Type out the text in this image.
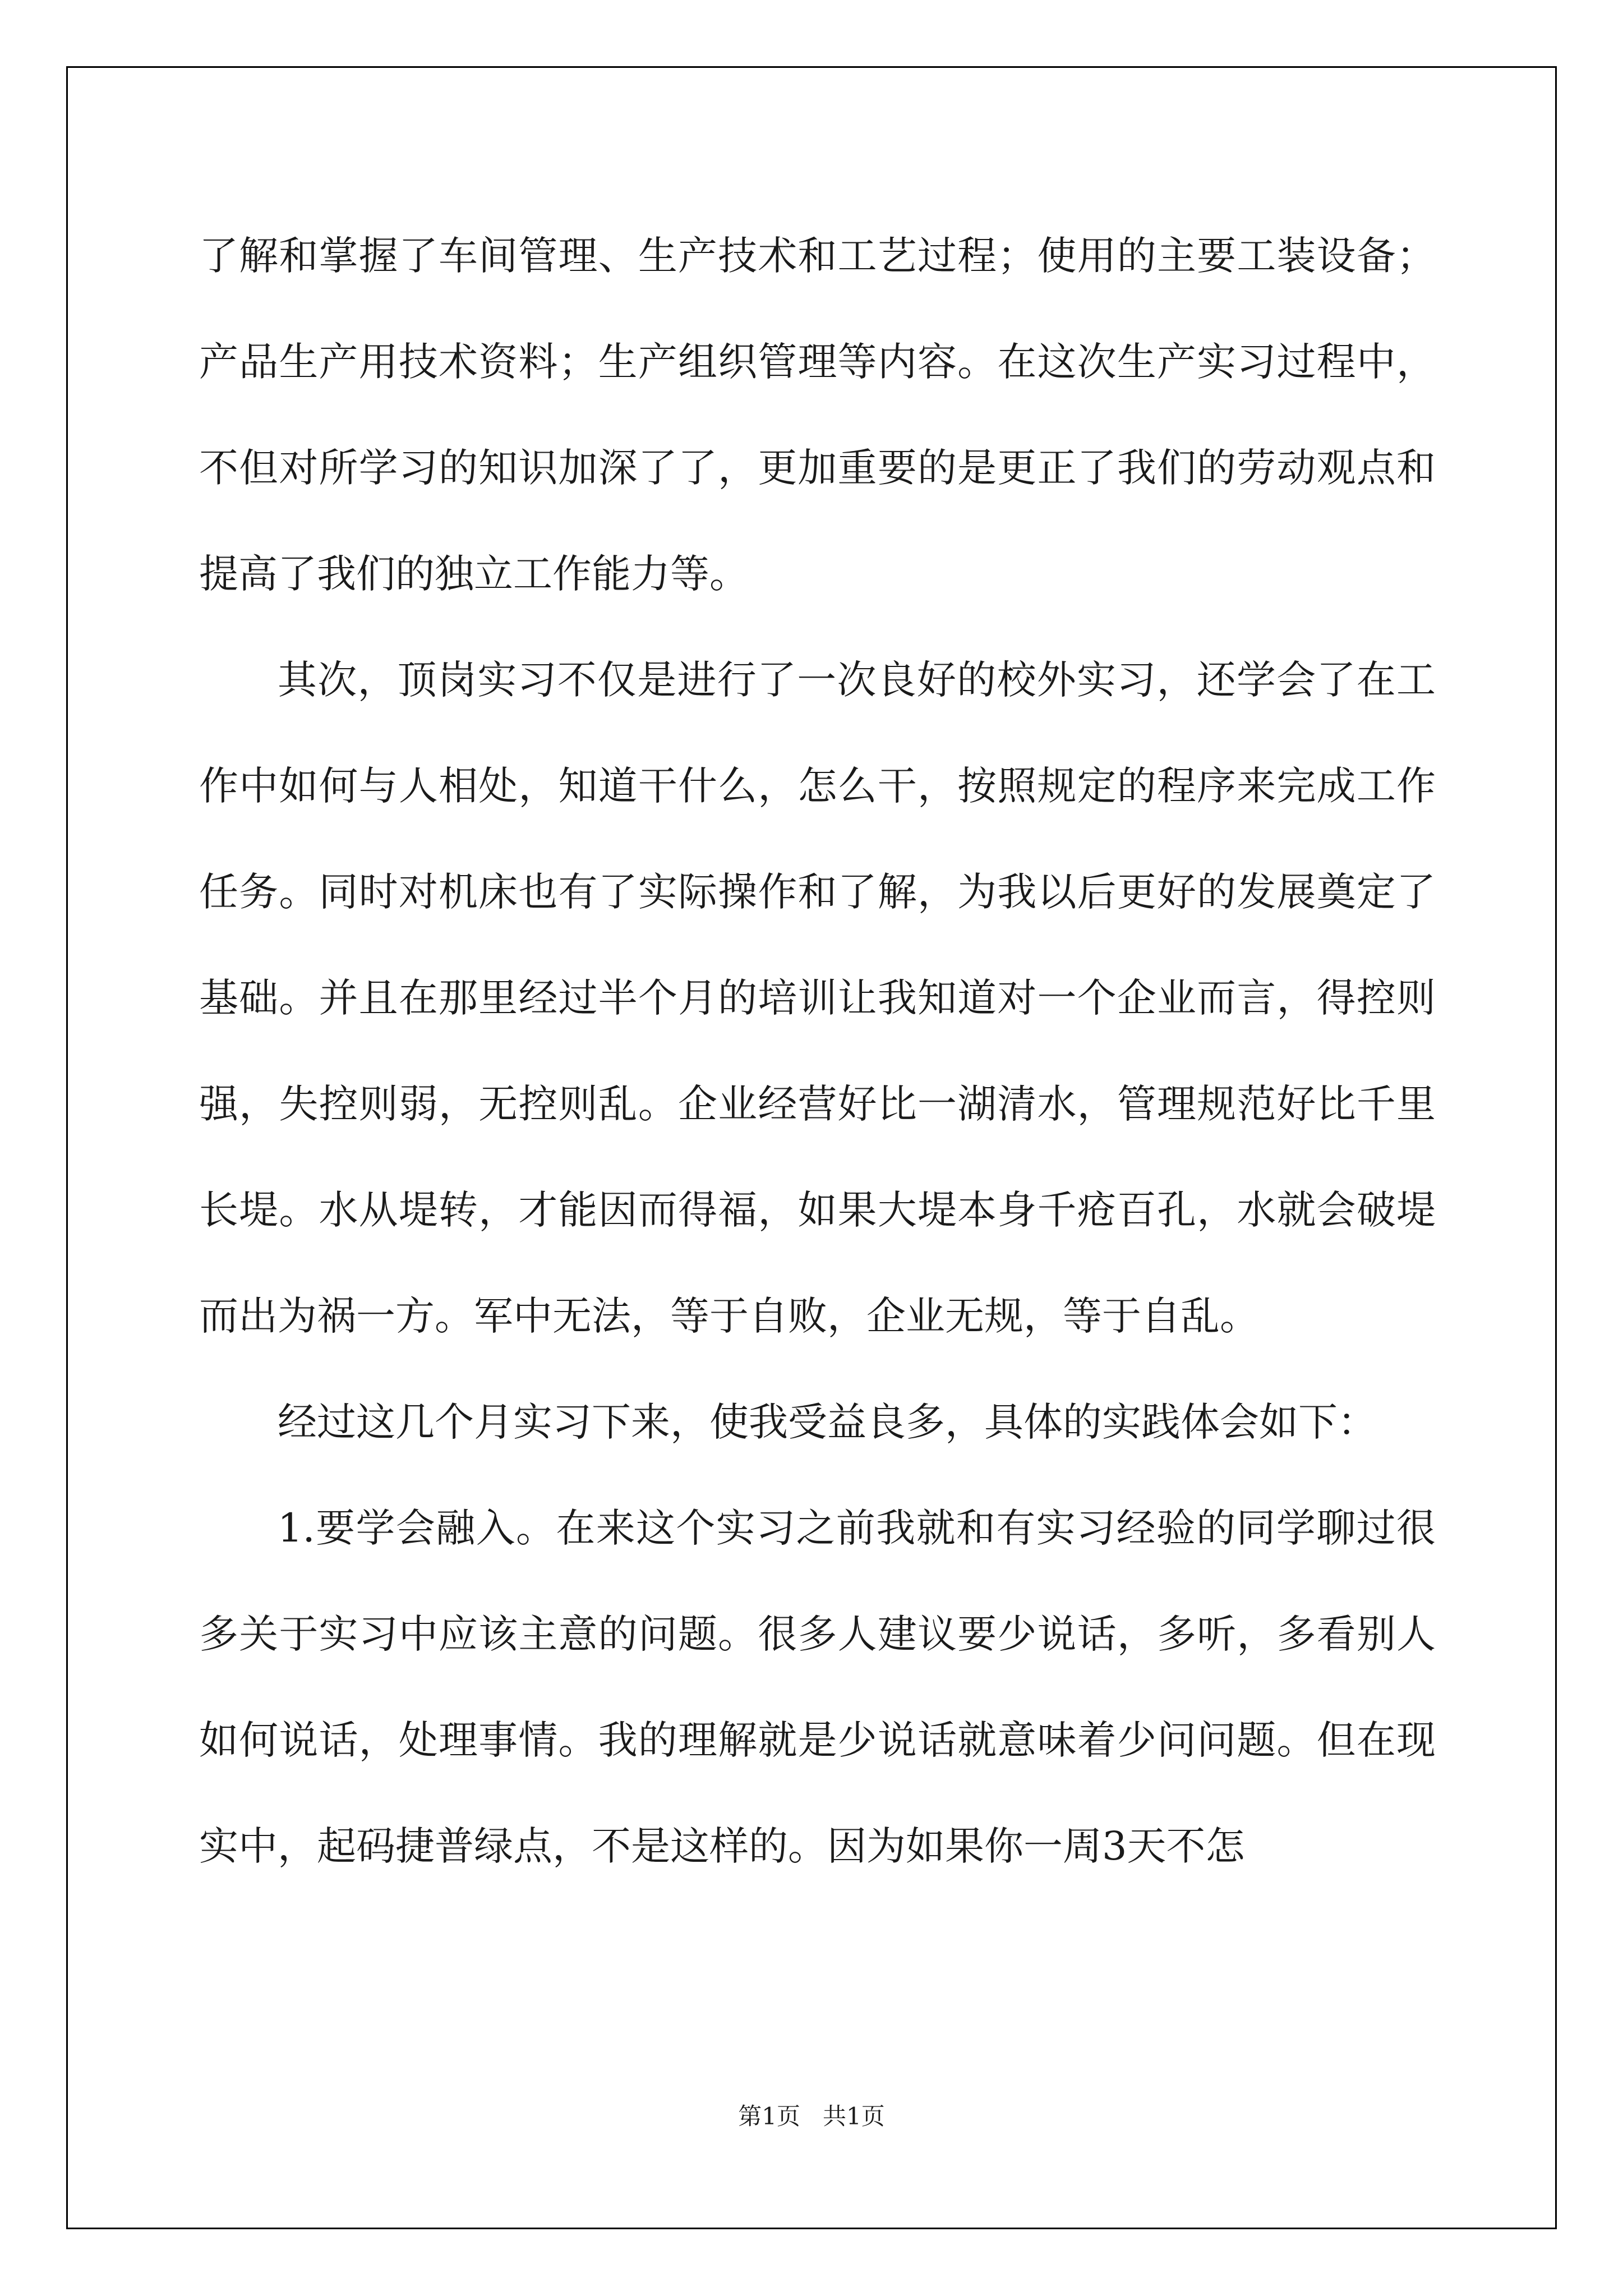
了解和掌握了车间管理、生产技术和工艺过程；使用的主要工装设备；产品生产用技术资料；生产组织管理等内容。在这次生产实习过程中，不但对所学习的知识加深了了，更加重要的是更正了我们的劳动观点和提高了我们的独立工作能力等。

其次，顶岗实习不仅是进行了一次良好的校外实习，还学会了在工作中如何与人相处，知道干什么，怎么干，按照规定的程序来完成工作任务。同时对机床也有了实际操作和了解，为我以后更好的发展奠定了基础。并且在那里经过半个月的培训让我知道对一个企业而言，得控则强，失控则弱，无控则乱。企业经营好比一湖清水，管理规范好比千里长堤。水从堤转，才能因而得福，如果大堤本身千疮百孔，水就会破堤而出为祸一方。军中无法，等于自败，企业无规，等于自乱。

经过这几个月实习下来，使我受益良多，具体的实践体会如下：

1.要学会融入。在来这个实习之前我就和有实习经验的同学聊过很多关于实习中应该主意的问题。很多人建议要少说话，多听，多看别人如何说话，处理事情。我的理解就是少说话就意味着少问问题。但在现实中，起码捷普绿点，不是这样的。因为如果你一周3天不怎

第1页   共1页
